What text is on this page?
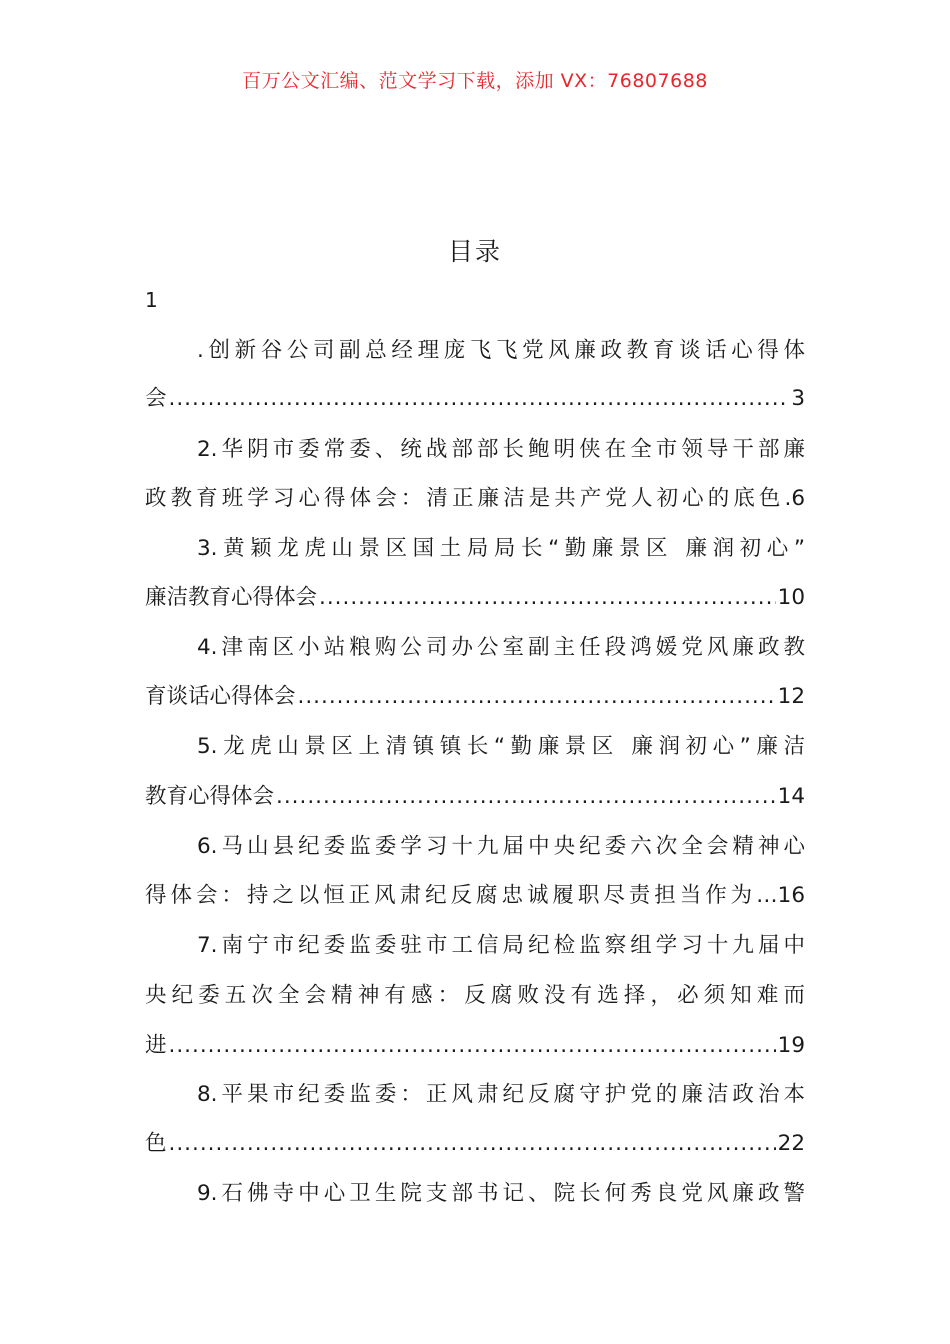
百万公文汇编、范文学习下载，添加 VX：76807688
目录
1
.创新谷公司副总经理庞飞飞党风廉政教育谈话心得体
会 .....	3
2.华阴市委常委、统战部部长鲍明侠在全市领导干部廉
政教育班学习心得体会：清正廉洁是共产党人初心的底色. 6
3.黄颖龙虎山景区国土局局长“勤廉景区 廉润初心”
廉洁教育心得体会 .....	10
4.津南区小站粮购公司办公室副主任段鸿媛党风廉政教
育谈话心得体会 .....	12
5.龙虎山景区上清镇镇长“勤廉景区 廉润初心”廉洁
教育心得体会 .....	14
6.马山县纪委监委学习十九届中央纪委六次全会精神心
得体会：持之以恒正风肃纪反腐忠诚履职尽责担当作为… 16
7.南宁市纪委监委驻市工信局纪检监察组学习十九届中
央纪委五次全会精神有感：反腐败没有选择，必须知难而
进 .....	19
8.平果市纪委监委：正风肃纪反腐守护党的廉洁政治本
色 .....	22
9.石佛寺中心卫生院支部书记、院长何秀良党风廉政警
